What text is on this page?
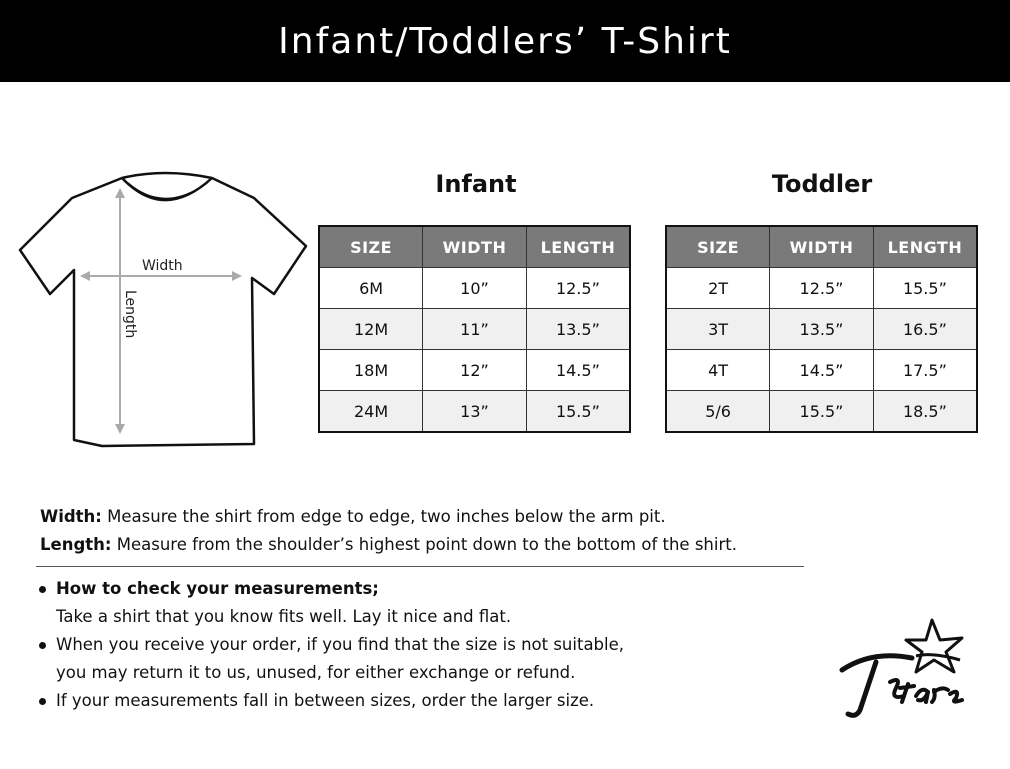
Infant/Toddlers’ T-Shirt
Width
Length
Infant
SIZE	WIDTH	LENGTH
6M	10”	12.5”
12M	11”	13.5”
18M	12”	14.5”
24M	13”	15.5”
Toddler
SIZE	WIDTH	LENGTH
2T	12.5”	15.5”
3T	13.5”	16.5”
4T	14.5”	17.5”
5/6	15.5”	18.5”
Width: Measure the shirt from edge to edge, two inches below the arm pit.
Length: Measure from the shoulder’s highest point down to the bottom of the shirt.
How to check your measurements;
Take a shirt that you know fits well. Lay it nice and flat.
When you receive your order, if you find that the size is not suitable,
you may return it to us, unused, for either exchange or refund.
If your measurements fall in between sizes, order the larger size.
